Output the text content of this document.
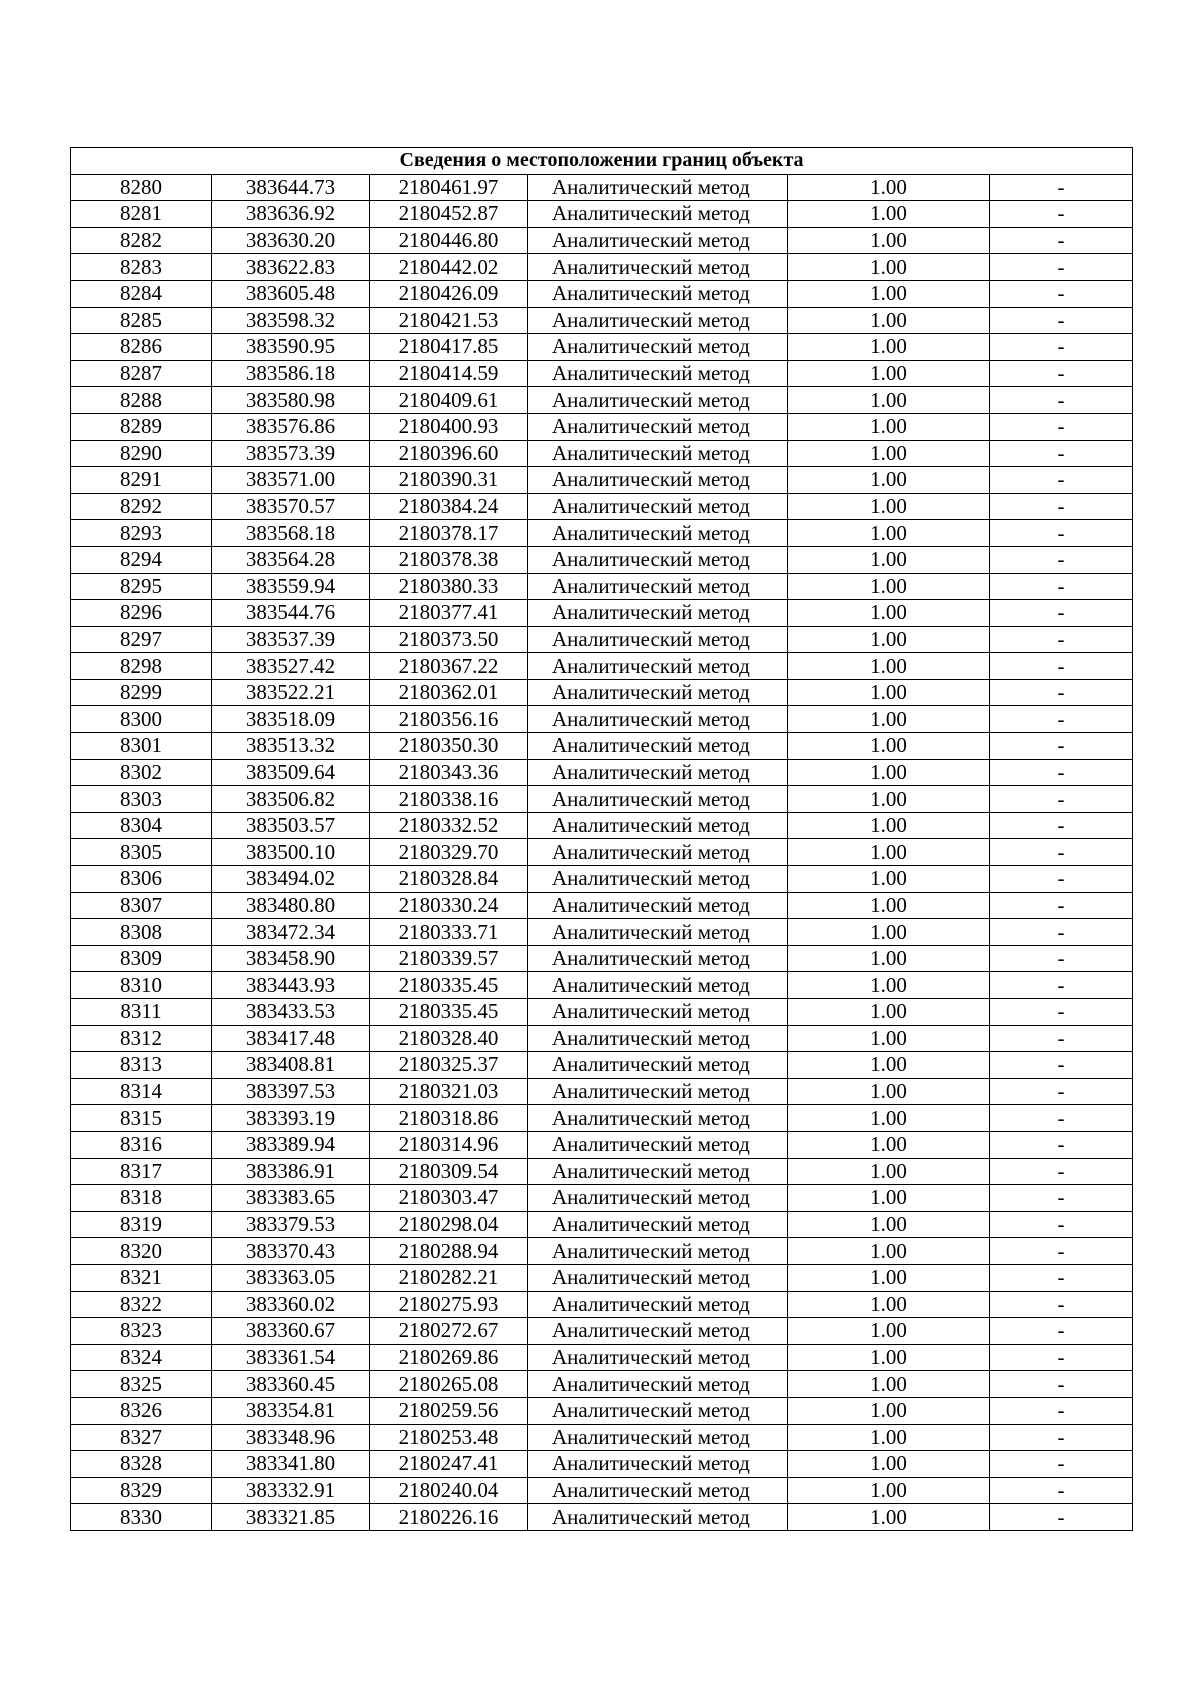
Сведения о местоположении границ объекта					
8280	383644.73	2180461.97	Аналитический метод	1.00	-
8281	383636.92	2180452.87	Аналитический метод	1.00	-
8282	383630.20	2180446.80	Аналитический метод	1.00	-
8283	383622.83	2180442.02	Аналитический метод	1.00	-
8284	383605.48	2180426.09	Аналитический метод	1.00	-
8285	383598.32	2180421.53	Аналитический метод	1.00	-
8286	383590.95	2180417.85	Аналитический метод	1.00	-
8287	383586.18	2180414.59	Аналитический метод	1.00	-
8288	383580.98	2180409.61	Аналитический метод	1.00	-
8289	383576.86	2180400.93	Аналитический метод	1.00	-
8290	383573.39	2180396.60	Аналитический метод	1.00	-
8291	383571.00	2180390.31	Аналитический метод	1.00	-
8292	383570.57	2180384.24	Аналитический метод	1.00	-
8293	383568.18	2180378.17	Аналитический метод	1.00	-
8294	383564.28	2180378.38	Аналитический метод	1.00	-
8295	383559.94	2180380.33	Аналитический метод	1.00	-
8296	383544.76	2180377.41	Аналитический метод	1.00	-
8297	383537.39	2180373.50	Аналитический метод	1.00	-
8298	383527.42	2180367.22	Аналитический метод	1.00	-
8299	383522.21	2180362.01	Аналитический метод	1.00	-
8300	383518.09	2180356.16	Аналитический метод	1.00	-
8301	383513.32	2180350.30	Аналитический метод	1.00	-
8302	383509.64	2180343.36	Аналитический метод	1.00	-
8303	383506.82	2180338.16	Аналитический метод	1.00	-
8304	383503.57	2180332.52	Аналитический метод	1.00	-
8305	383500.10	2180329.70	Аналитический метод	1.00	-
8306	383494.02	2180328.84	Аналитический метод	1.00	-
8307	383480.80	2180330.24	Аналитический метод	1.00	-
8308	383472.34	2180333.71	Аналитический метод	1.00	-
8309	383458.90	2180339.57	Аналитический метод	1.00	-
8310	383443.93	2180335.45	Аналитический метод	1.00	-
8311	383433.53	2180335.45	Аналитический метод	1.00	-
8312	383417.48	2180328.40	Аналитический метод	1.00	-
8313	383408.81	2180325.37	Аналитический метод	1.00	-
8314	383397.53	2180321.03	Аналитический метод	1.00	-
8315	383393.19	2180318.86	Аналитический метод	1.00	-
8316	383389.94	2180314.96	Аналитический метод	1.00	-
8317	383386.91	2180309.54	Аналитический метод	1.00	-
8318	383383.65	2180303.47	Аналитический метод	1.00	-
8319	383379.53	2180298.04	Аналитический метод	1.00	-
8320	383370.43	2180288.94	Аналитический метод	1.00	-
8321	383363.05	2180282.21	Аналитический метод	1.00	-
8322	383360.02	2180275.93	Аналитический метод	1.00	-
8323	383360.67	2180272.67	Аналитический метод	1.00	-
8324	383361.54	2180269.86	Аналитический метод	1.00	-
8325	383360.45	2180265.08	Аналитический метод	1.00	-
8326	383354.81	2180259.56	Аналитический метод	1.00	-
8327	383348.96	2180253.48	Аналитический метод	1.00	-
8328	383341.80	2180247.41	Аналитический метод	1.00	-
8329	383332.91	2180240.04	Аналитический метод	1.00	-
8330	383321.85	2180226.16	Аналитический метод	1.00	-
